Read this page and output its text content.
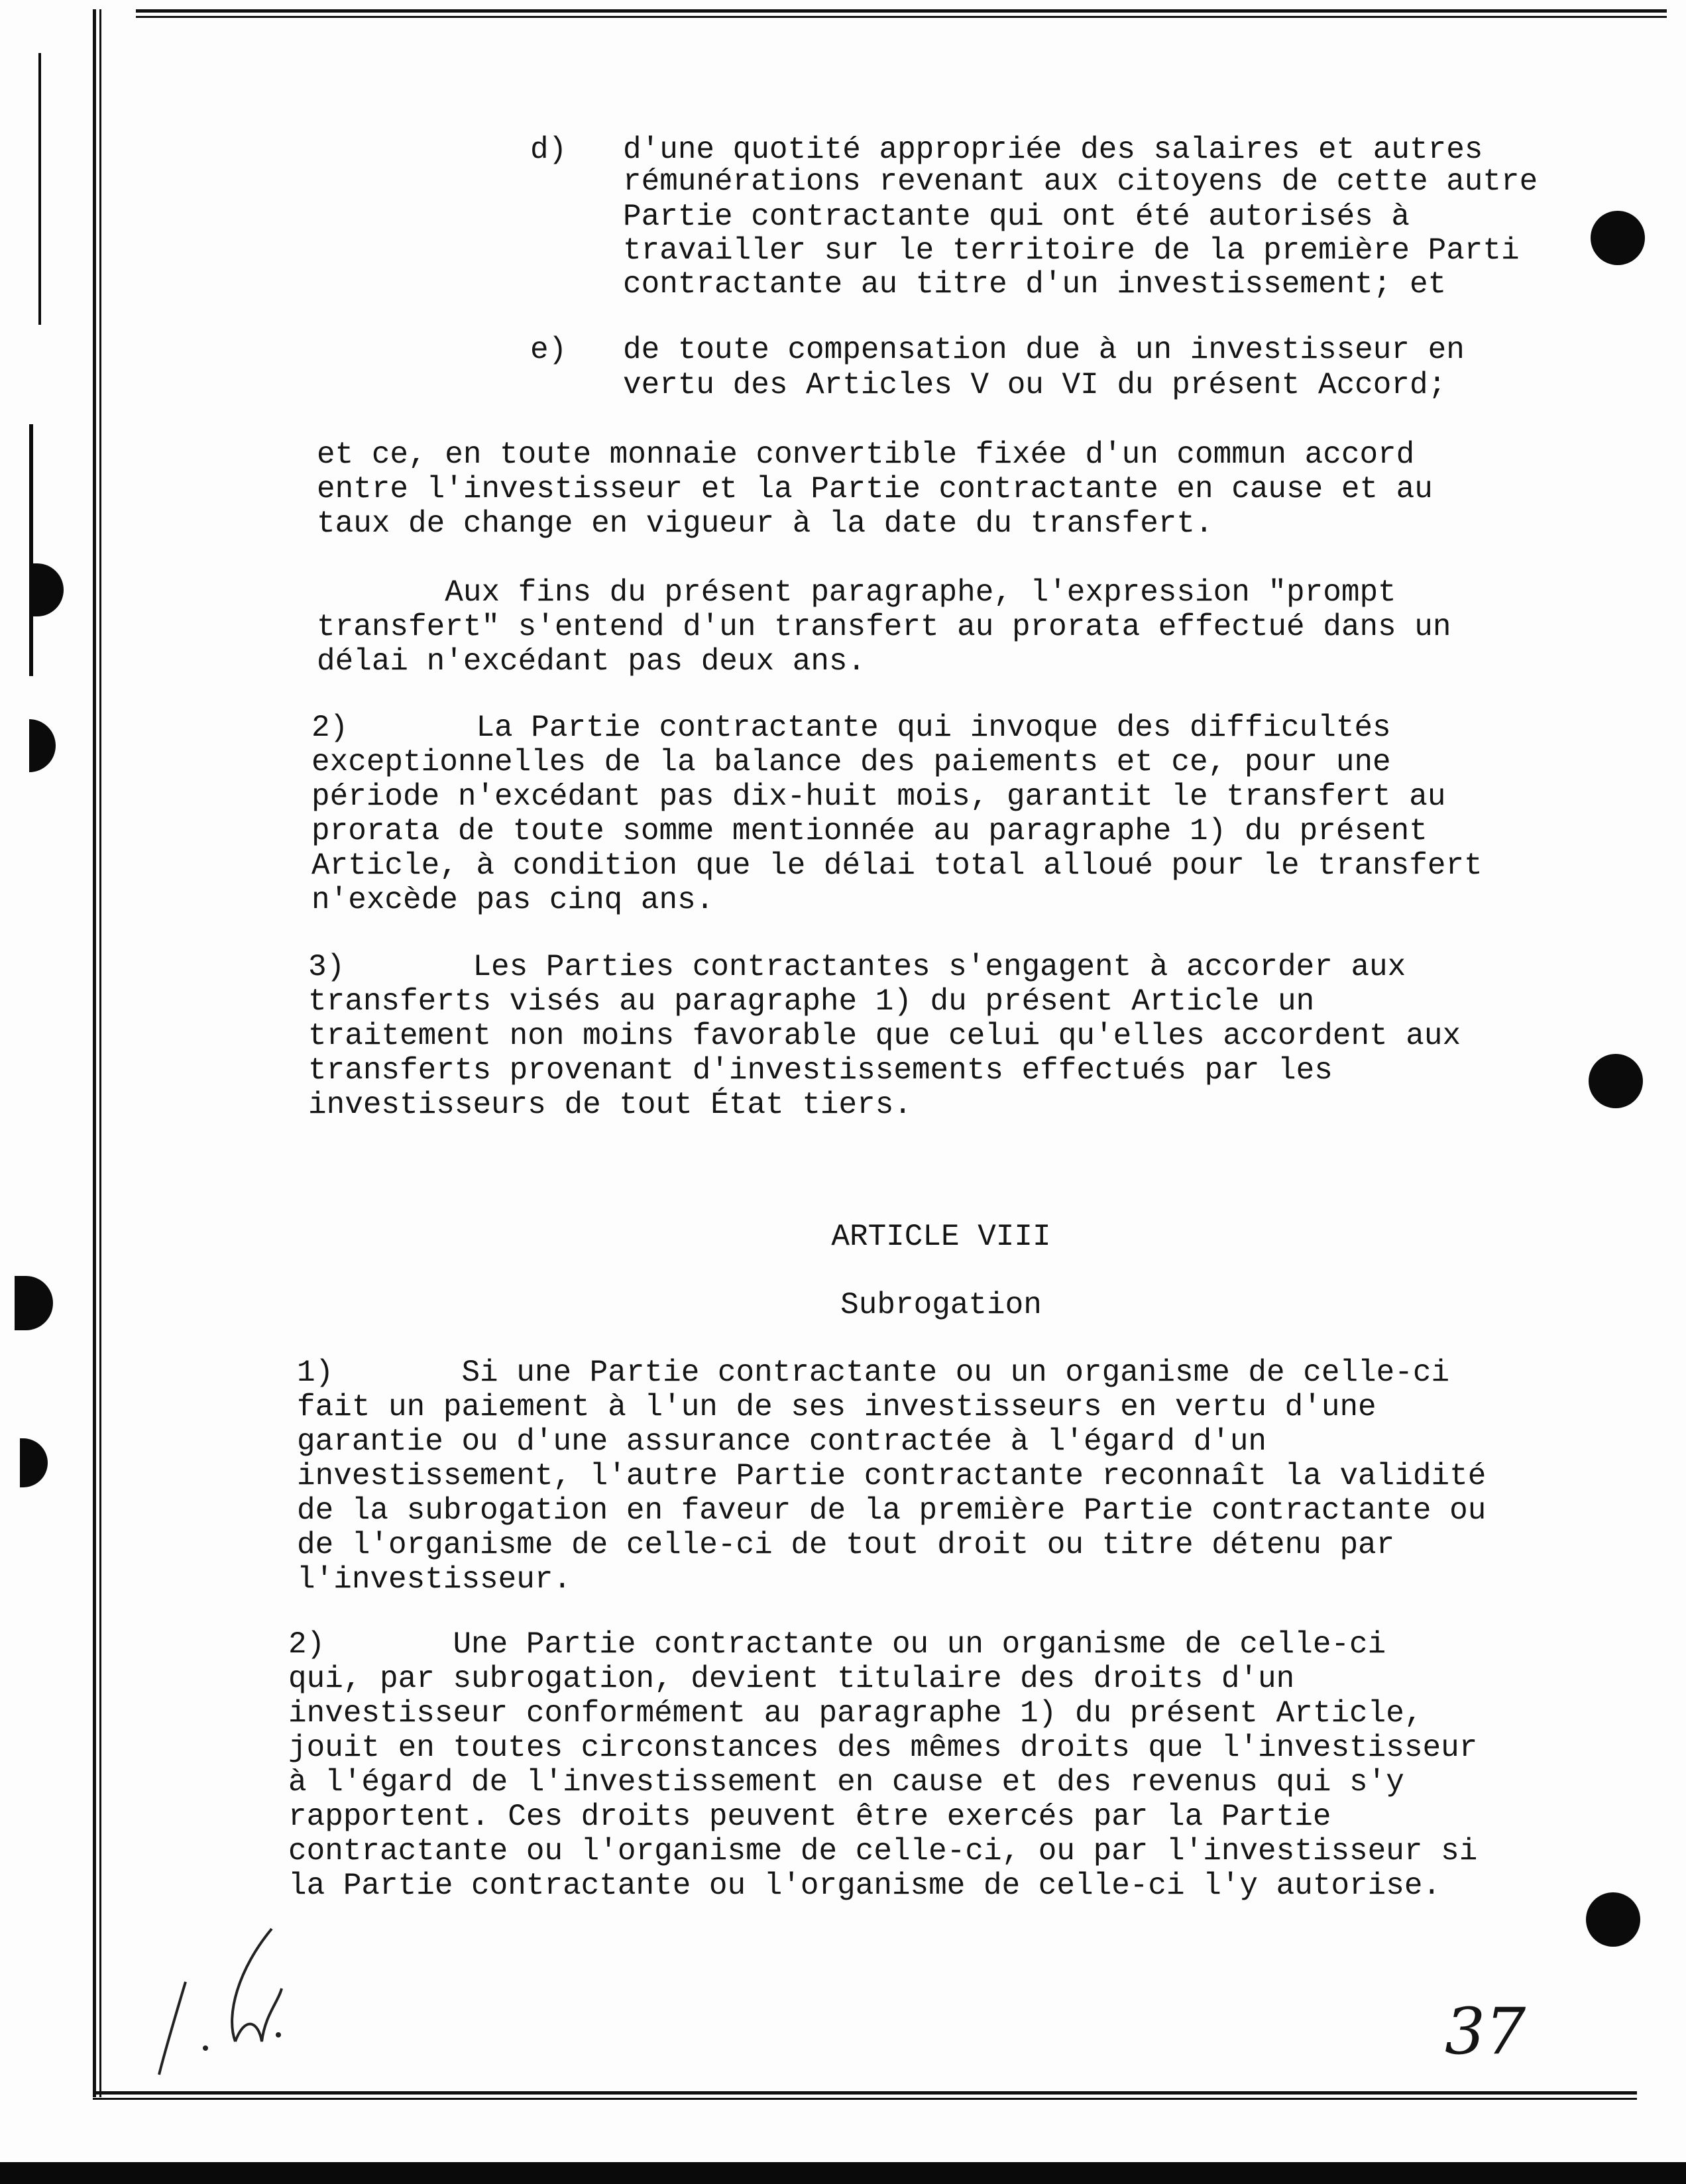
d) d'une quotité appropriée des salaires et autres

rémunérations revenant aux citoyens de cette autre

Partie contractante qui ont été autorisés à

travailler sur le territoire de la première Parti

contractante au titre d'un investissement; et

e) de toute compensation due à un investisseur en

vertu des Articles V ou VI du présent Accord;

et ce, en toute monnaie convertible fixée d'un commun accord

entre l'investisseur et la Partie contractante en cause et au

taux de change en vigueur à la date du transfert.

Aux fins du présent paragraphe, l'expression "prompt

transfert" s'entend d'un transfert au prorata effectué dans un

délai n'excédant pas deux ans.

2)       La Partie contractante qui invoque des difficultés

exceptionnelles de la balance des paiements et ce, pour une

période n'excédant pas dix-huit mois, garantit le transfert au

prorata de toute somme mentionnée au paragraphe 1) du présent

Article, à condition que le délai total alloué pour le transfert

n'excède pas cinq ans.

3)       Les Parties contractantes s'engagent à accorder aux

transferts visés au paragraphe 1) du présent Article un

traitement non moins favorable que celui qu'elles accordent aux

transferts provenant d'investissements effectués par les

investisseurs de tout État tiers.

ARTICLE VIII

Subrogation

1)       Si une Partie contractante ou un organisme de celle-ci

fait un paiement à l'un de ses investisseurs en vertu d'une

garantie ou d'une assurance contractée à l'égard d'un

investissement, l'autre Partie contractante reconnaît la validité

de la subrogation en faveur de la première Partie contractante ou

de l'organisme de celle-ci de tout droit ou titre détenu par

l'investisseur.

2)       Une Partie contractante ou un organisme de celle-ci

qui, par subrogation, devient titulaire des droits d'un

investisseur conformément au paragraphe 1) du présent Article,

jouit en toutes circonstances des mêmes droits que l'investisseur

à l'égard de l'investissement en cause et des revenus qui s'y

rapportent. Ces droits peuvent être exercés par la Partie

contractante ou l'organisme de celle-ci, ou par l'investisseur si

la Partie contractante ou l'organisme de celle-ci l'y autorise.

37
